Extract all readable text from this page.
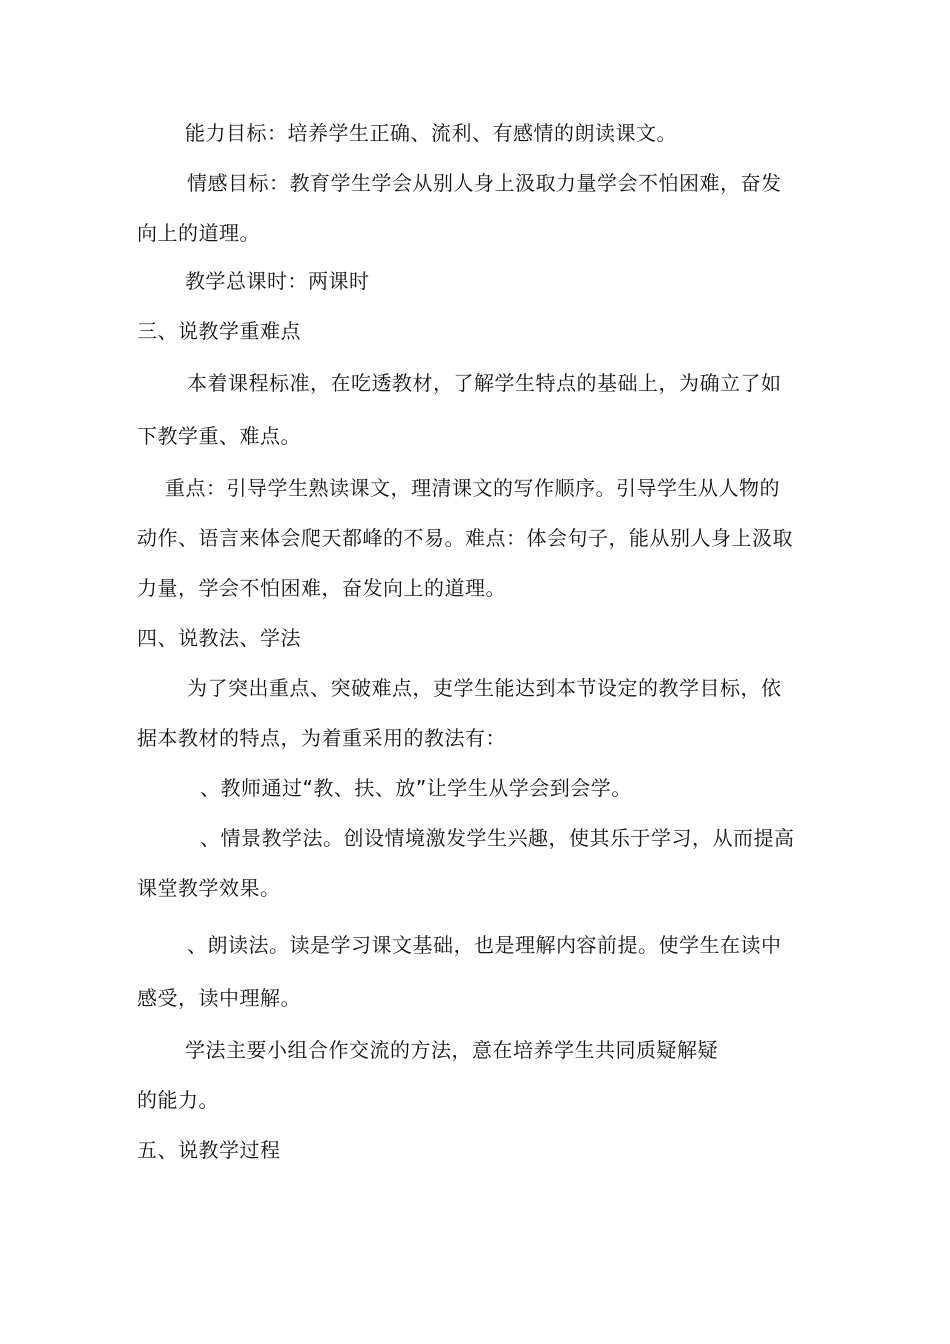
能力目标：培养学生正确、流利、有感情的朗读课文。
情感目标：教育学生学会从别人身上汲取力量学会不怕困难，奋发
向上的道理。
教学总课时：两课时
三、说教学重难点
本着课程标准，在吃透教材，了解学生特点的基础上，为确立了如
下教学重、难点。
重点：引导学生熟读课文，理清课文的写作顺序。引导学生从人物的
动作、语言来体会爬天都峰的不易。难点：体会句子，能从别人身上汲取
力量，学会不怕困难，奋发向上的道理。
四、说教法、学法
为了突出重点、突破难点，吏学生能达到本节设定的教学目标，依
据本教材的特点，为着重采用的教法有：
、教师通过“教、扶、放”让学生从学会到会学。
、情景教学法。创设情境激发学生兴趣，使其乐于学习，从而提高
课堂教学效果。
、朗读法。读是学习课文基础，也是理解内容前提。使学生在读中
感受，读中理解。
学法主要小组合作交流的方法，意在培养学生共同质疑解疑
的能力。
五、说教学过程
